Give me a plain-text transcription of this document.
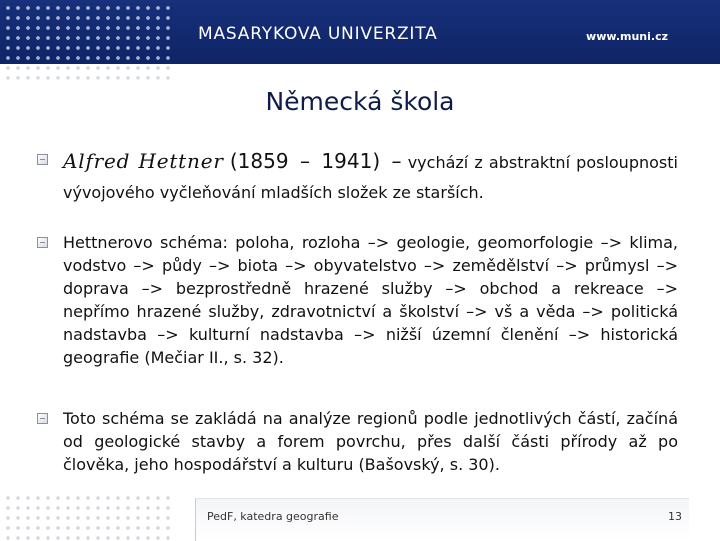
MASARYKOVA UNIVERZITA	www.muni.cz
Německá škola
Alfred Hettner (1859 – 1941) – vychází z abstraktní posloupnosti vývojového vyčleňování mladších složek ze starších.
Hettnerovo schéma: poloha, rozloha –> geologie, geomorfologie –> klima, vodstvo –> půdy –> biota –> obyvatelstvo –> zemědělství –> průmysl –> doprava –> bezprostředně hrazené služby –> obchod a rekreace –> nepřímo hrazené služby, zdravotnictví a školství –> vš a věda –> politická nadstavba –> kulturní nadstavba –> nižší územní členění –> historická geografie (Mečiar II., s. 32).
Toto schéma se zakládá na analýze regionů podle jednotlivých částí, začíná od geologické stavby a forem povrchu, přes další části přírody až po člověka, jeho hospodářství a kulturu (Bašovský, s. 30).
PedF, katedra geografie	13
